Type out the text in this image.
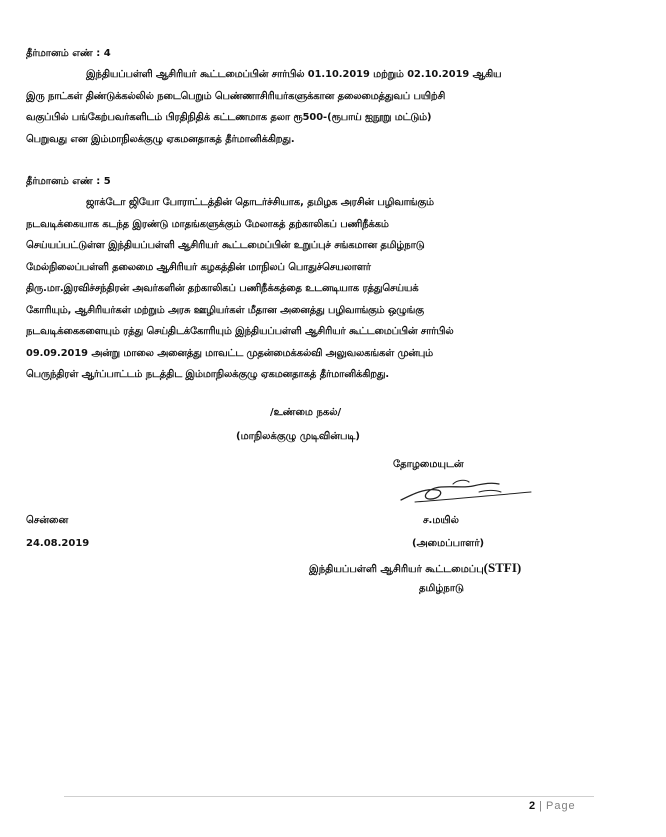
தீர்மானம் எண் : 4
இந்தியப்பள்ளி ஆசிரியர் கூட்டமைப்பின் சார்பில் 01.10.2019 மற்றும் 02.10.2019 ஆகிய
இரு நாட்கள் திண்டுக்கல்லில் நடைபெறும் பெண்ணாசிரியர்களுக்கான தலைமைத்துவப் பயிற்சி
வகுப்பில் பங்கேற்பவர்களிடம் பிரதிநிதிக் கட்டணமாக தலா ரூ500-(ரூபாய் ஐநூறு மட்டும்)
பெறுவது என இம்மாநிலக்குழு ஏகமனதாகத் தீர்மானிக்கிறது.
தீர்மானம் எண் : 5
ஜாக்டோ ஜியோ போராட்டத்தின் தொடர்ச்சியாக, தமிழக அரசின் பழிவாங்கும்
நடவடிக்கையாக கடந்த இரண்டு மாதங்களுக்கும் மேலாகத் தற்காலிகப் பணிநீக்கம்
செய்யப்பட்டுள்ள இந்தியப்பள்ளி ஆசிரியர் கூட்டமைப்பின் உறுப்புச் சங்கமான தமிழ்நாடு
மேல்நிலைப்பள்ளி தலைமை ஆசிரியர் கழகத்தின் மாநிலப் பொதுச்செயலாளர்
திரு.மா.இரவிச்சந்திரன் அவர்களின் தற்காலிகப் பணிநீக்கத்தை உடனடியாக ரத்துசெய்யக்
கோரியும், ஆசிரியர்கள் மற்றும் அரசு ஊழியர்கள் மீதான அனைத்து பழிவாங்கும் ஒழுங்கு
நடவடிக்கைகளையும் ரத்து செய்திடக்கோரியும் இந்தியப்பள்ளி ஆசிரியர் கூட்டமைப்பின் சார்பில்
09.09.2019 அன்று மாலை அனைத்து மாவட்ட முதன்மைக்கல்வி அலுவலகங்கள் முன்பும்
பெருந்திரள் ஆர்ப்பாட்டம் நடத்திட இம்மாநிலக்குழு ஏகமனதாகத் தீர்மானிக்கிறது.
/உண்மை நகல்/
(மாநிலக்குழு முடிவின்படி)
தோழமையுடன்
சென்னை	ச.மயில்
24.08.2019	(அமைப்பாளர்)
இந்தியப்பள்ளி ஆசிரியர் கூட்டமைப்பு(STFI)
தமிழ்நாடு
2 | Page
